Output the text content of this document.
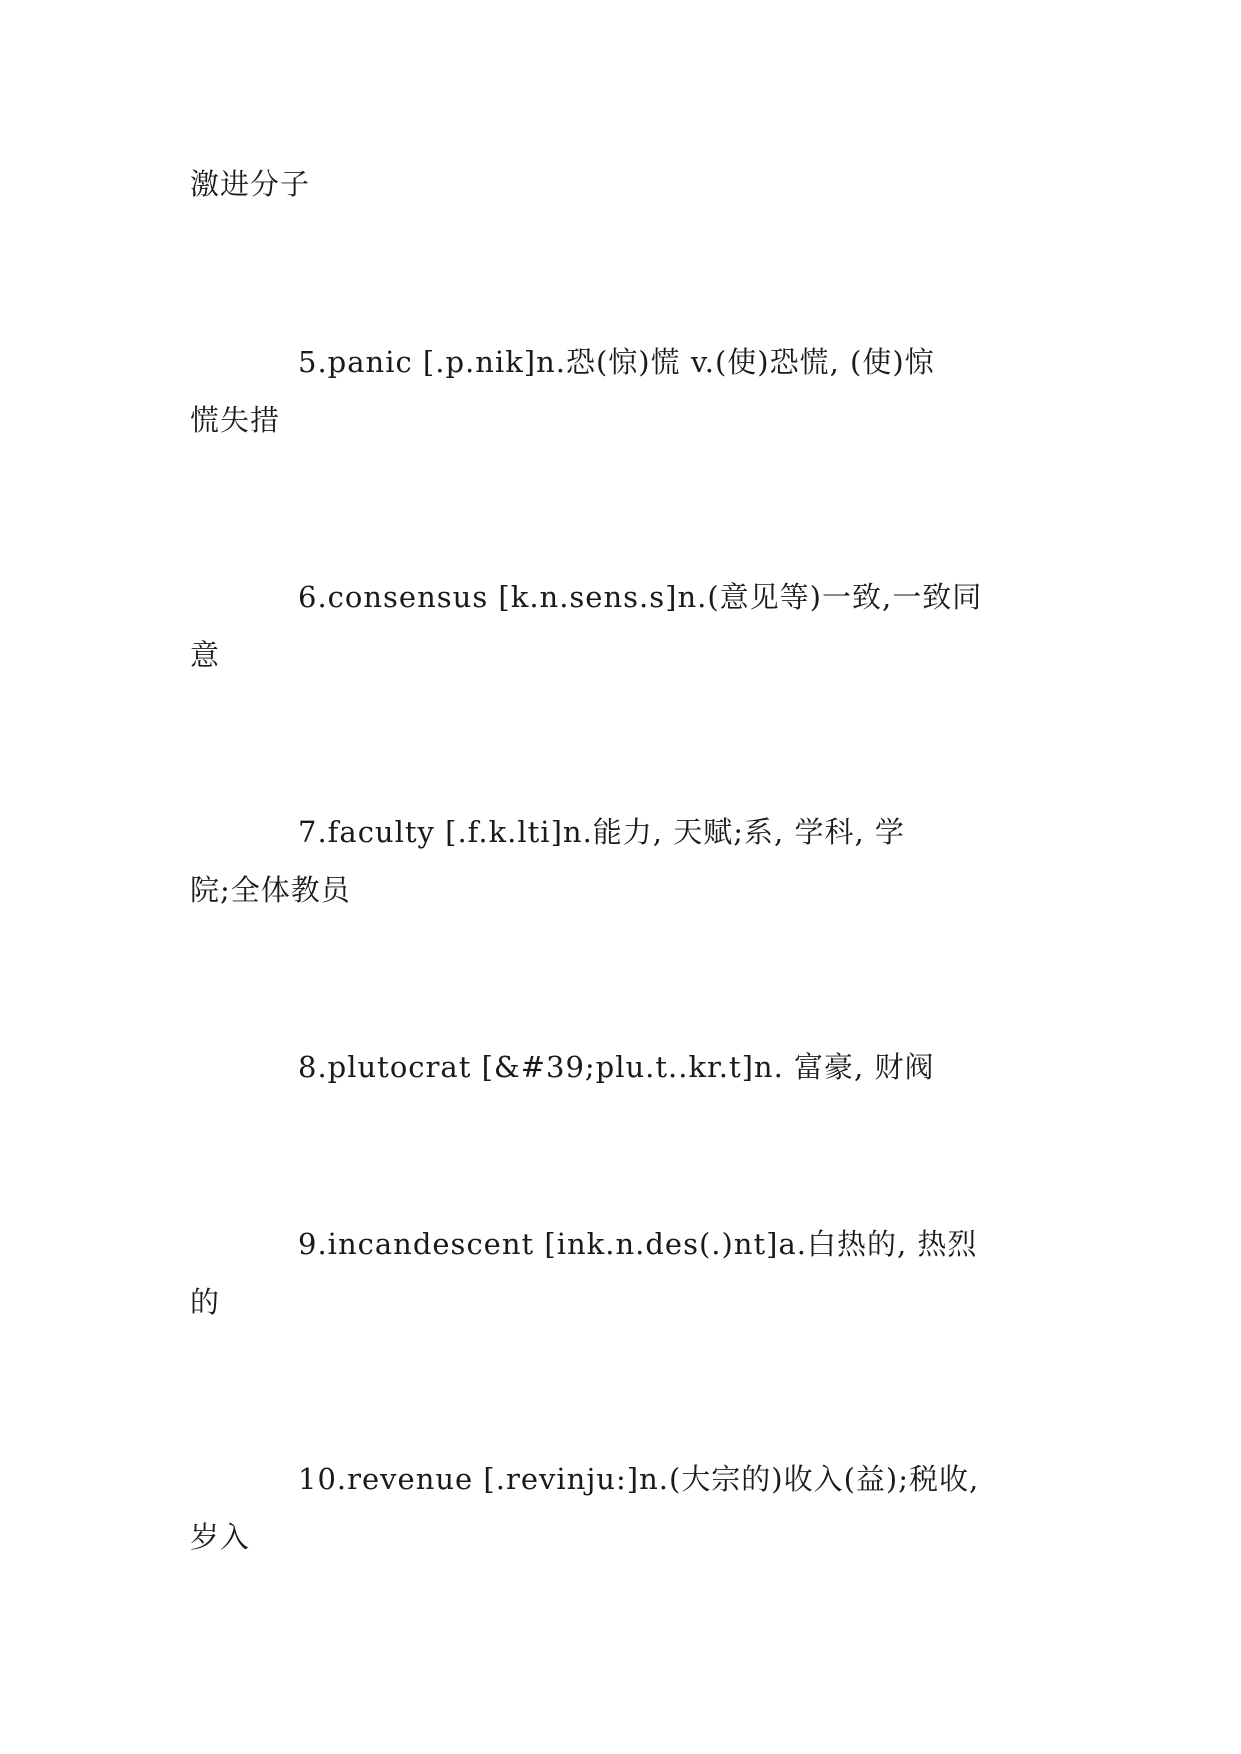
激进分子
5.panic [.p.nik]n.恐(惊)慌 v.(使)恐慌, (使)惊
慌失措
6.consensus [k.n.sens.s]n.(意见等)一致,一致同
意
7.faculty [.f.k.lti]n.能力, 天赋;系, 学科, 学
院;全体教员
8.plutocrat [&#39;plu.t..kr.t]n. 富豪, 财阀
9.incandescent [ink.n.des(.)nt]a.白热的, 热烈
的
10.revenue [.revinju:]n.(大宗的)收入(益);税收,
岁入
